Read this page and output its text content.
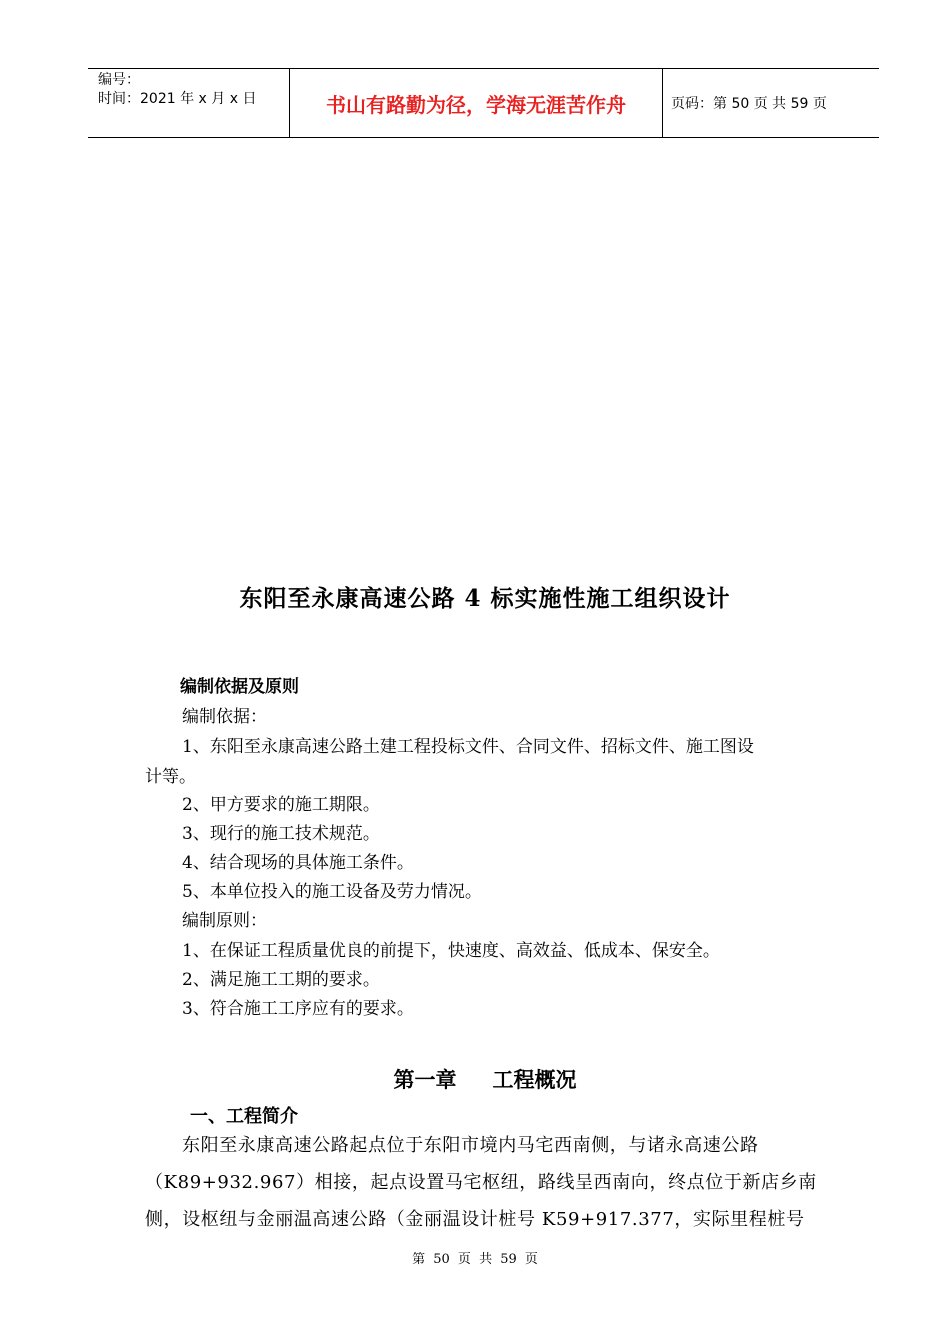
编号：
时间：2021 年 x 月 x 日	书山有路勤为径，学海无涯苦作舟	页码：第 50 页 共 59 页
东阳至永康高速公路 4 标实施性施工组织设计
编制依据及原则
编制依据：
1、东阳至永康高速公路土建工程投标文件、合同文件、招标文件、施工图设
计等。
2、甲方要求的施工期限。
3、现行的施工技术规范。
4、结合现场的具体施工条件。
5、本单位投入的施工设备及劳力情况。
编制原则：
1、在保证工程质量优良的前提下，快速度、高效益、低成本、保安全。
2、满足施工工期的要求。
3、符合施工工序应有的要求。
第一章 工程概况
一、工程简介
东阳至永康高速公路起点位于东阳市境内马宅西南侧，与诸永高速公路
（K89+932.967）相接，起点设置马宅枢纽，路线呈西南向，终点位于新店乡南
侧，设枢纽与金丽温高速公路（金丽温设计桩号 K59+917.377，实际里程桩号
第 50 页 共 59 页
